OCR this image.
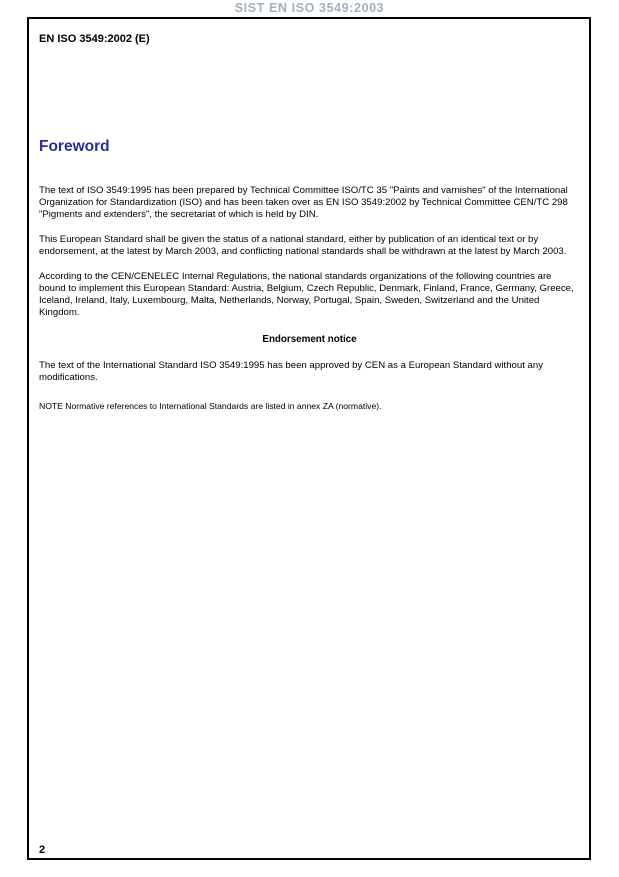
SIST EN ISO 3549:2003
EN ISO 3549:2002 (E)
Foreword
The text of ISO 3549:1995 has been prepared by Technical Committee ISO/TC 35 "Paints and varnishes" of the International Organization for Standardization (ISO) and has been taken over as EN ISO 3549:2002 by Technical Committee CEN/TC 298 "Pigments and extenders", the secretariat of which is held by DIN.
This European Standard shall be given the status of a national standard, either by publication of an identical text or by endorsement, at the latest by March 2003, and conflicting national standards shall be withdrawn at the latest by March 2003.
According to the CEN/CENELEC Internal Regulations, the national standards organizations of the following countries are bound to implement this European Standard: Austria, Belgium, Czech Republic, Denmark, Finland, France, Germany, Greece, Iceland, Ireland, Italy, Luxembourg, Malta, Netherlands, Norway, Portugal, Spain, Sweden, Switzerland and the United Kingdom.
Endorsement notice
The text of the International Standard ISO 3549:1995 has been approved by CEN as a European Standard without any modifications.
NOTE Normative references to International Standards are listed in annex ZA (normative).
2
